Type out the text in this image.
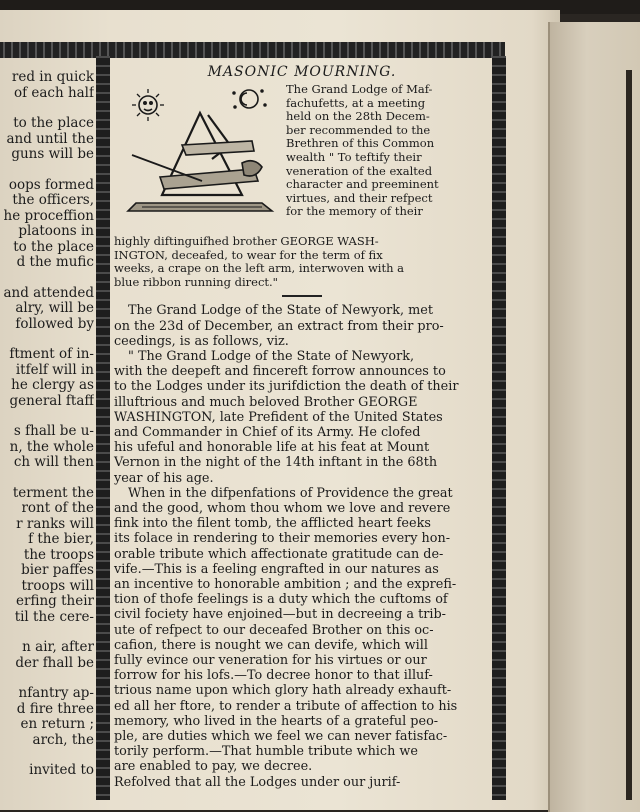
red in quick
of each half
to the place
and until the
guns will be
oops formed
the officers,
he proceffion
platoons in
to the place
d the mufic
and attended
alry, will be
followed by
ftment of in-
itfelf will in
he clergy as
general ftaff
s fhall be u-
n, the whole
ch will then
terment the
ront of the
r ranks will
f the bier,
the troops
bier paffes
troops will
erfing their
til the cere-
n air, after
der fhall be
nfantry ap-
d fire three
en return ;
arch, the
invited to
MASONIC MOURNING.
The Grand Lodge of Maf-
fachufetts, at a meeting
held on the 28th Decem-
ber recommended to the
Brethren of this Common
wealth " To teftify their
veneration of the exalted
character and preeminent
virtues, and their refpect
for the memory of their
highly diftinguifhed brother GEORGE WASH-
INGTON, deceafed, to wear for the term of fix
weeks, a crape on the left arm, interwoven with a
blue ribbon running direct."
The Grand Lodge of the State of Newyork, met
on the 23d of December, an extract from their pro-
ceedings, is as follows, viz.
" The Grand Lodge of the State of Newyork,
with the deepeft and fincereft forrow announces to
to the Lodges under its jurifdiction the death of their
illuftrious and much beloved Brother GEORGE
WASHINGTON, late Prefident of the United States
and Commander in Chief of its Army. He clofed
his ufeful and honorable life at his feat at Mount
Vernon in the night of the 14th inftant in the 68th
year of his age.
When in the difpenfations of Providence the great
and the good, whom thou whom we love and revere
fink into the filent tomb, the afflicted heart feeks
its folace in rendering to their memories every hon-
orable tribute which affectionate gratitude can de-
vife.—This is a feeling engrafted in our natures as
an incentive to honorable ambition ; and the exprefi-
tion of thofe feelings is a duty which the cuftoms of
civil fociety have enjoined—but in decreeing a trib-
ute of refpect to our deceafed Brother on this oc-
cafion, there is nought we can devife, which will
fully evince our veneration for his virtues or our
forrow for his lofs.—To decree honor to that illuf-
trious name upon which glory hath already exhauft-
ed all her ftore, to render a tribute of affection to his
memory, who lived in the hearts of a grateful peo-
ple, are duties which we feel we can never fatisfac-
torily perform.—That humble tribute which we
are enabled to pay, we decree.
Refolved that all the Lodges under our jurif-
